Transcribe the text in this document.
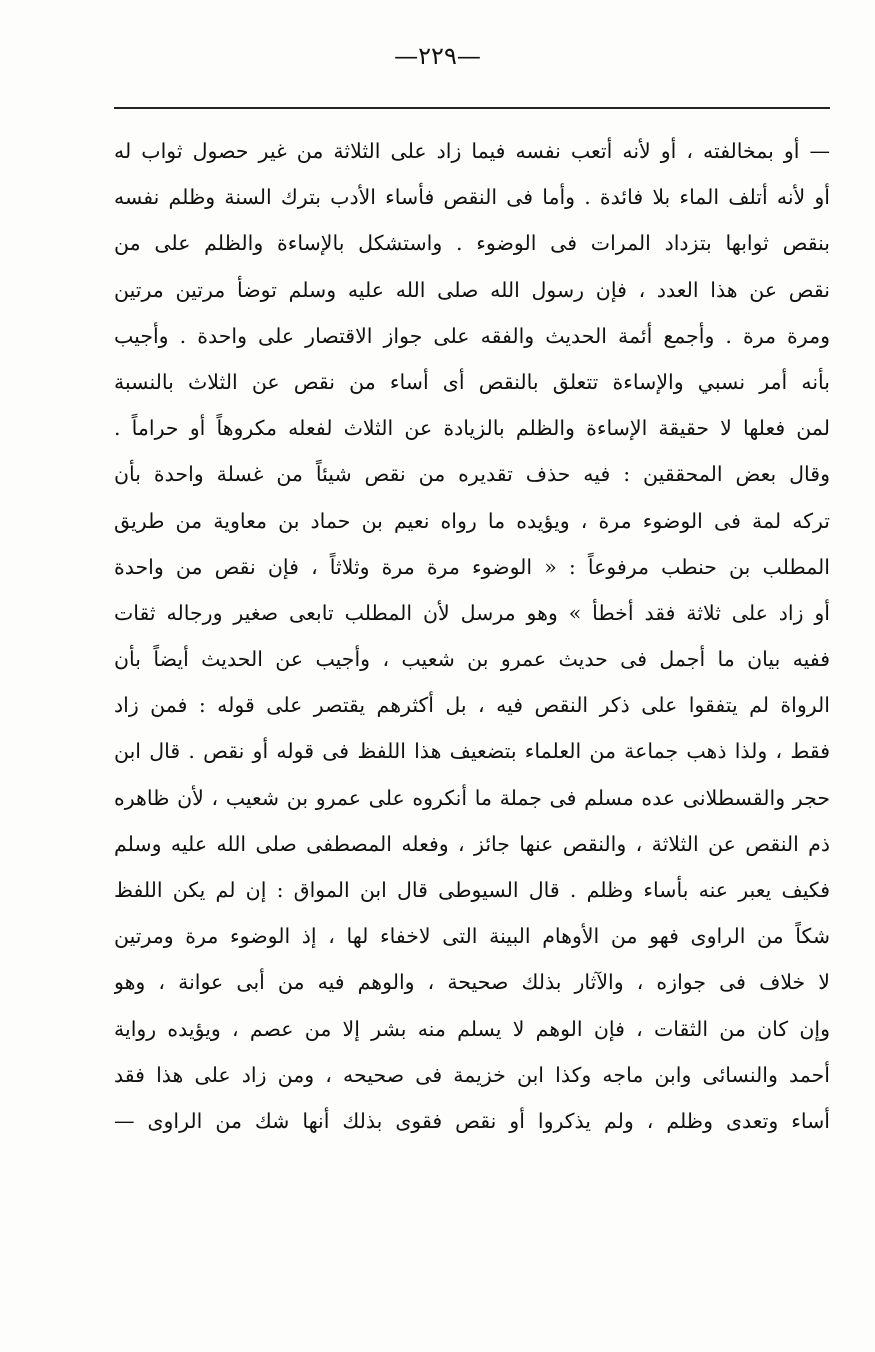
—٢٢٩—
— أو بمخالفته ، أو لأنه أتعب نفسه فيما زاد على الثلاثة من غير حصول ثواب له
أو لأنه أتلف الماء بلا فائدة . وأما فى النقص فأساء الأدب بترك السنة وظلم نفسه
بنقص ثوابها بتزداد المرات فى الوضوء . واستشكل بالإساءة والظلم على من
نقص عن هذا العدد ، فإن رسول الله صلى الله عليه وسلم توضأ مرتين مرتين
ومرة مرة . وأجمع أئمة الحديث والفقه على جواز الاقتصار على واحدة . وأجيب
بأنه أمر نسبي والإساءة تتعلق بالنقص أى أساء من نقص عن الثلاث بالنسبة
لمن فعلها لا حقيقة الإساءة والظلم بالزيادة عن الثلاث لفعله مكروهاً أو حراماً .
وقال بعض المحققين : فيه حذف تقديره من نقص شيئاً من غسلة واحدة بأن
تركه لمة فى الوضوء مرة ، ويؤيده ما رواه نعيم بن حماد بن معاوية من طريق
المطلب بن حنطب مرفوعاً : « الوضوء مرة مرة وثلاثاً ، فإن نقص من واحدة
أو زاد على ثلاثة فقد أخطأ » وهو مرسل لأن المطلب تابعى صغير ورجاله ثقات
ففيه بيان ما أجمل فى حديث عمرو بن شعيب ، وأجيب عن الحديث أيضاً بأن
الرواة لم يتفقوا على ذكر النقص فيه ، بل أكثرهم يقتصر على قوله : فمن زاد
فقط ، ولذا ذهب جماعة من العلماء بتضعيف هذا اللفظ فى قوله أو نقص . قال ابن
حجر والقسطلانى عده مسلم فى جملة ما أنكروه على عمرو بن شعيب ، لأن ظاهره
ذم النقص عن الثلاثة ، والنقص عنها جائز ، وفعله المصطفى صلى الله عليه وسلم
فكيف يعبر عنه بأساء وظلم . قال السيوطى قال ابن المواق : إن لم يكن اللفظ
شكاً من الراوى فهو من الأوهام البينة التى لاخفاء لها ، إذ الوضوء مرة ومرتين
لا خلاف فى جوازه ، والآثار بذلك صحيحة ، والوهم فيه من أبى عوانة ، وهو
وإن كان من الثقات ، فإن الوهم لا يسلم منه بشر إلا من عصم ، ويؤيده رواية
أحمد والنسائى وابن ماجه وكذا ابن خزيمة فى صحيحه ، ومن زاد على هذا فقد
أساء وتعدى وظلم ، ولم يذكروا أو نقص فقوى بذلك أنها شك من الراوى —
